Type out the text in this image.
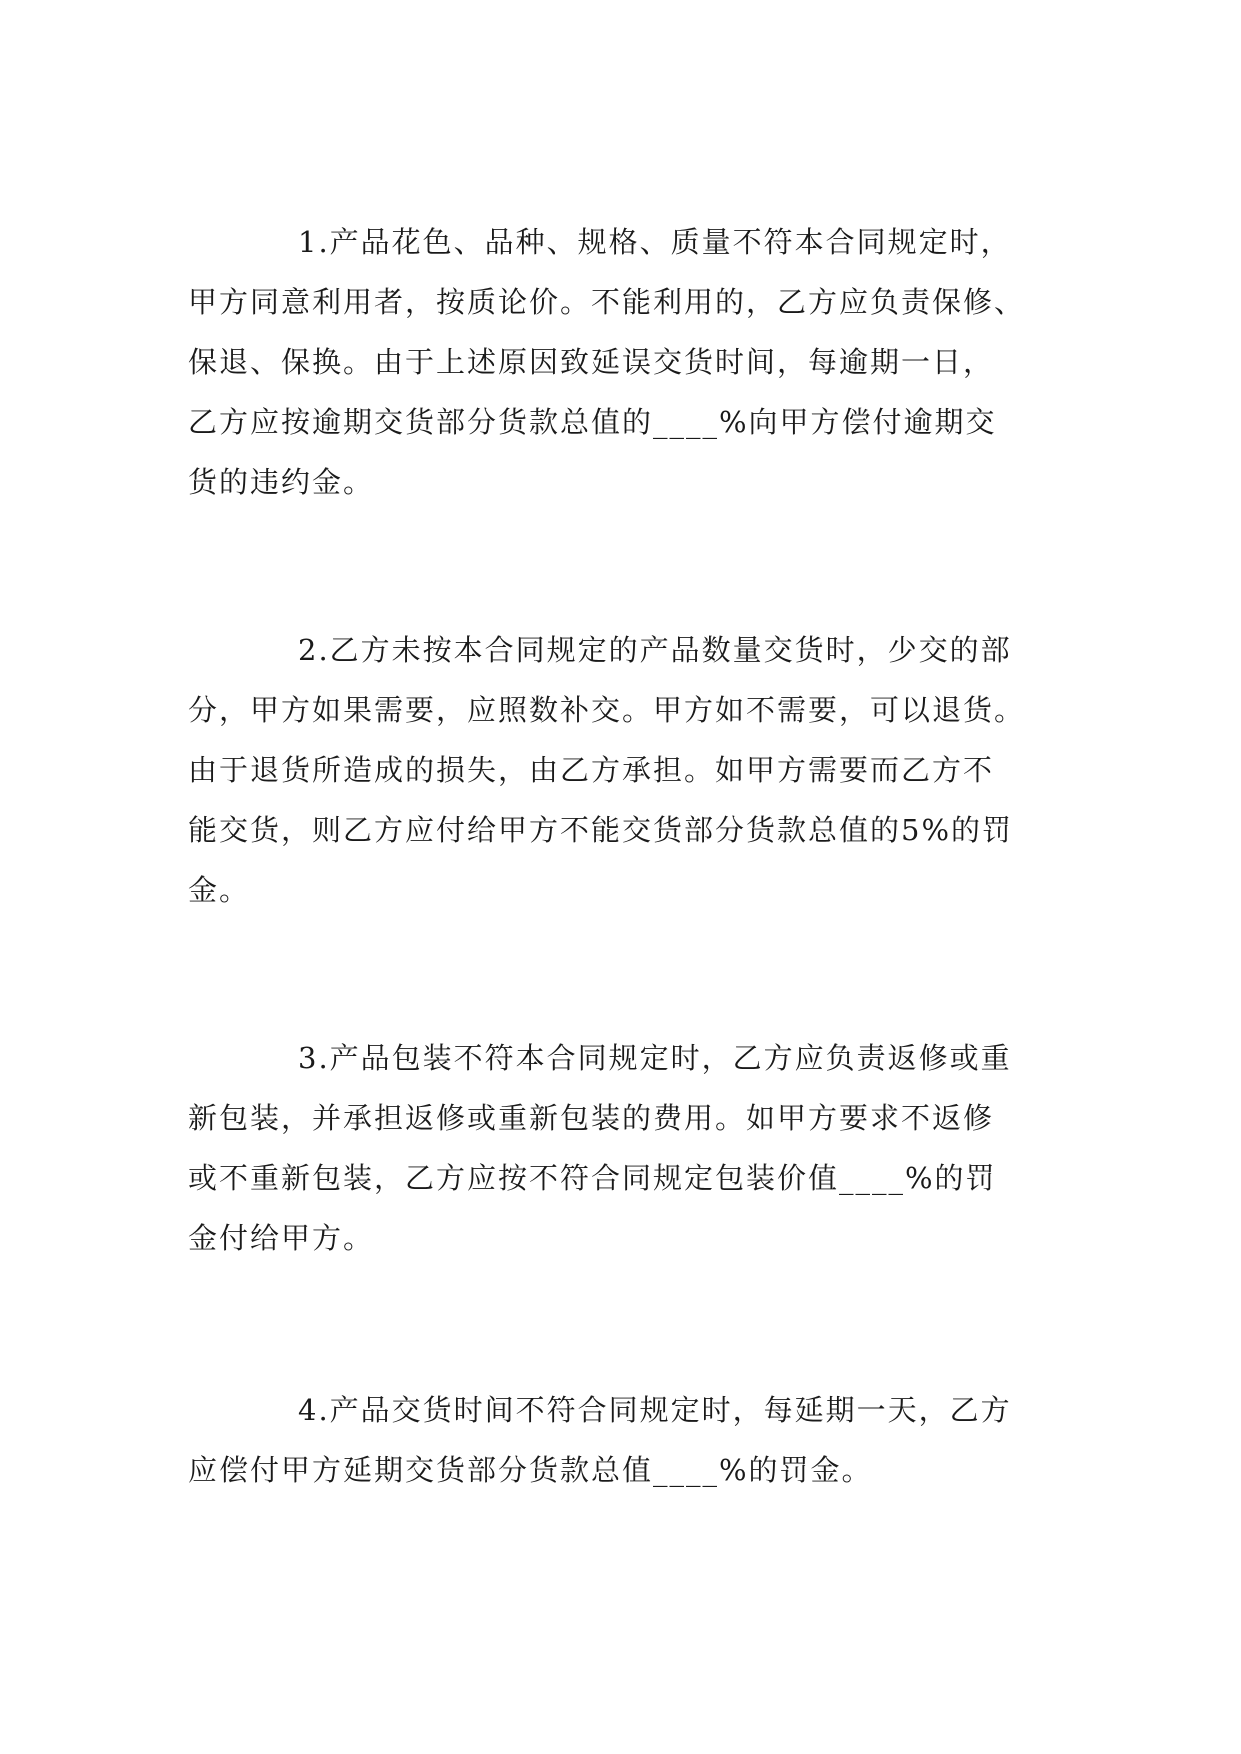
1.产品花色、品种、规格、质量不符本合同规定时，
甲方同意利用者，按质论价。不能利用的，乙方应负责保修、
保退、保换。由于上述原因致延误交货时间，每逾期一日，
乙方应按逾期交货部分货款总值的____%向甲方偿付逾期交
货的违约金。
2.乙方未按本合同规定的产品数量交货时，少交的部
分，甲方如果需要，应照数补交。甲方如不需要，可以退货。
由于退货所造成的损失，由乙方承担。如甲方需要而乙方不
能交货，则乙方应付给甲方不能交货部分货款总值的5%的罚
金。
3.产品包装不符本合同规定时，乙方应负责返修或重
新包装，并承担返修或重新包装的费用。如甲方要求不返修
或不重新包装，乙方应按不符合同规定包装价值____%的罚
金付给甲方。
4.产品交货时间不符合同规定时，每延期一天，乙方
应偿付甲方延期交货部分货款总值____%的罚金。
